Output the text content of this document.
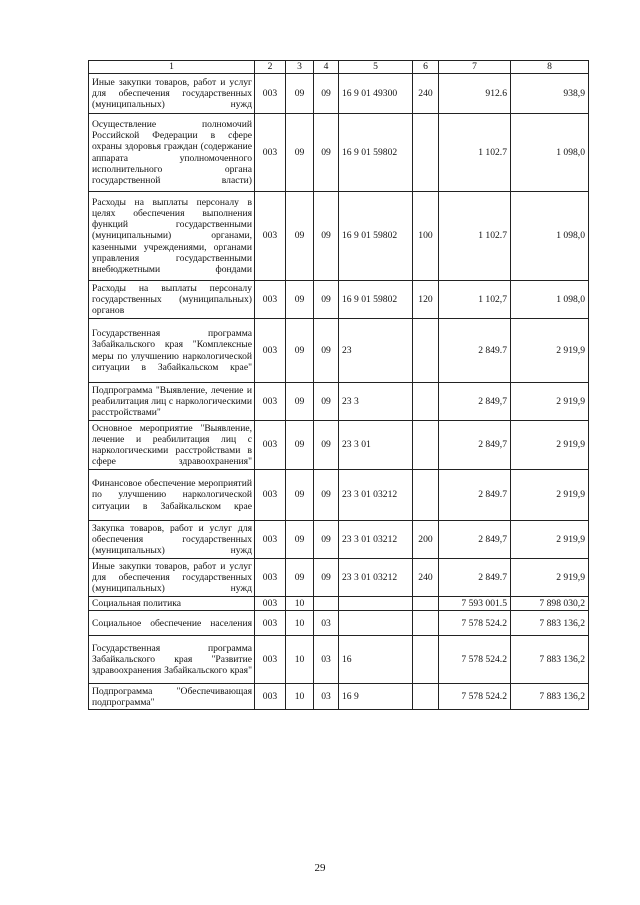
1	2	3	4	5	6	7	8
Иные закупки товаров, работ и услуг для обеспечения государственных (муниципальных) нужд	003	09	09	16 9 01 49300	240	912.6	938,9
Осуществление полномочий Российской Федерации в сфере охраны здоровья граждан (содержание аппарата уполномоченного исполнительного органа государственной власти)	003	09	09	16 9 01 59802		1 102.7	1 098,0
Расходы на выплаты персоналу в целях обеспечения выполнения функций государственными (муниципальными) органами, казенными учреждениями, органами управления государственными внебюджетными фондами	003	09	09	16 9 01 59802	100	1 102.7	1 098,0
Расходы на выплаты персоналу государственных (муниципальных) органов	003	09	09	16 9 01 59802	120	1 102,7	1 098,0
Государственная программа Забайкальского края "Комплексные меры по улучшению наркологической ситуации в Забайкальском крае"	003	09	09	23		2 849.7	2 919,9
Подпрограмма "Выявление, лечение и реабилитация лиц с наркологическими расстройствами"	003	09	09	23 3		2 849,7	2 919,9
Основное мероприятие "Выявление, лечение и реабилитация лиц с наркологическими расстройствами в сфере здравоохранения"	003	09	09	23 3 01		2 849,7	2 919,9
Финансовое обеспечение мероприятий по улучшению наркологической ситуации в Забайкальском крае	003	09	09	23 3 01 03212		2 849.7	2 919,9
Закупка товаров, работ и услуг для обеспечения государственных (муниципальных) нужд	003	09	09	23 3 01 03212	200	2 849,7	2 919,9
Иные закупки товаров, работ и услуг для обеспечения государственных (муниципальных) нужд	003	09	09	23 3 01 03212	240	2 849.7	2 919,9
Социальная политика	003	10				7 593 001.5	7 898 030,2
Социальное обеспечение населения	003	10	03			7 578 524.2	7 883 136,2
Государственная программа Забайкальского края "Развитие здравоохранения Забайкальского края"	003	10	03	16		7 578 524.2	7 883 136,2
Подпрограмма "Обеспечивающая подпрограмма"	003	10	03	16 9		7 578 524.2	7 883 136,2
29
